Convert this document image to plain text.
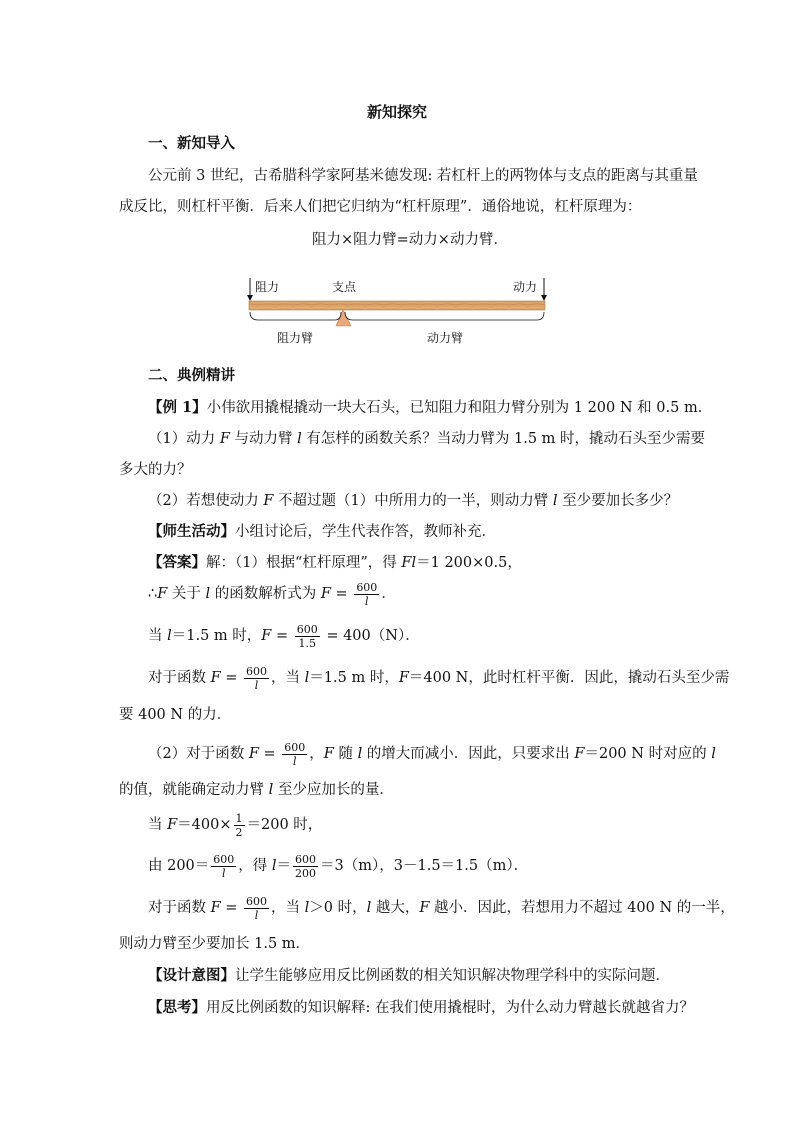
新知探究
一、新知导入
公元前 3 世纪，古希腊科学家阿基米德发现: 若杠杆上的两物体与支点的距离与其重量
成反比，则杠杆平衡．后来人们把它归纳为“杠杆原理”．通俗地说，杠杆原理为：
阻力×阻力臂=动力×动力臂．
阻力	支点	动力
阻力臂	动力臂
二、典例精讲
【例 1】小伟欲用撬棍撬动一块大石头，已知阻力和阻力臂分别为 1 200 N 和 0.5 m．
（1）动力 F 与动力臂 l 有怎样的函数关系？当动力臂为 1.5 m 时，撬动石头至少需要
多大的力？
（2）若想使动力 F 不超过题（1）中所用力的一半，则动力臂 l 至少要加长多少？
【师生活动】小组讨论后，学生代表作答，教师补充．
【答案】解：（1）根据“杠杆原理”，得 Fl＝1 200×0.5，
∴F 关于 l 的函数解析式为 $F = \frac{600}{l}$ ．
当 l＝1.5 m 时，$F = \frac{600}{1.5} = 400(N)$．
对于函数 $F = \frac{600}{l}$ ，当 l＝1.5 m 时，F＝400 N，此时杠杆平衡．因此，撬动石头至少需
要 400 N 的力．
（2）对于函数 $F = \frac{600}{l}$ ，F 随 l 的增大而减小．因此，只要求出 F＝200 N 时对应的 l
的值，就能确定动力臂 l 至少应加长的量．
当 $F=400\times \frac{1}{2} =200$ 时，
由 $200= \frac{600}{l}$ ，得 $l= \frac{600}{200} =3(m)$，3－1.5＝1.5（m）．
对于函数 $F = \frac{600}{l}$ ，当 l＞0 时，l 越大，F 越小．因此，若想用力不超过 400 N 的一半，
则动力臂至少要加长 1.5 m．
【设计意图】让学生能够应用反比例函数的相关知识解决物理学科中的实际问题．
【思考】用反比例函数的知识解释: 在我们使用撬棍时，为什么动力臂越长就越省力？
